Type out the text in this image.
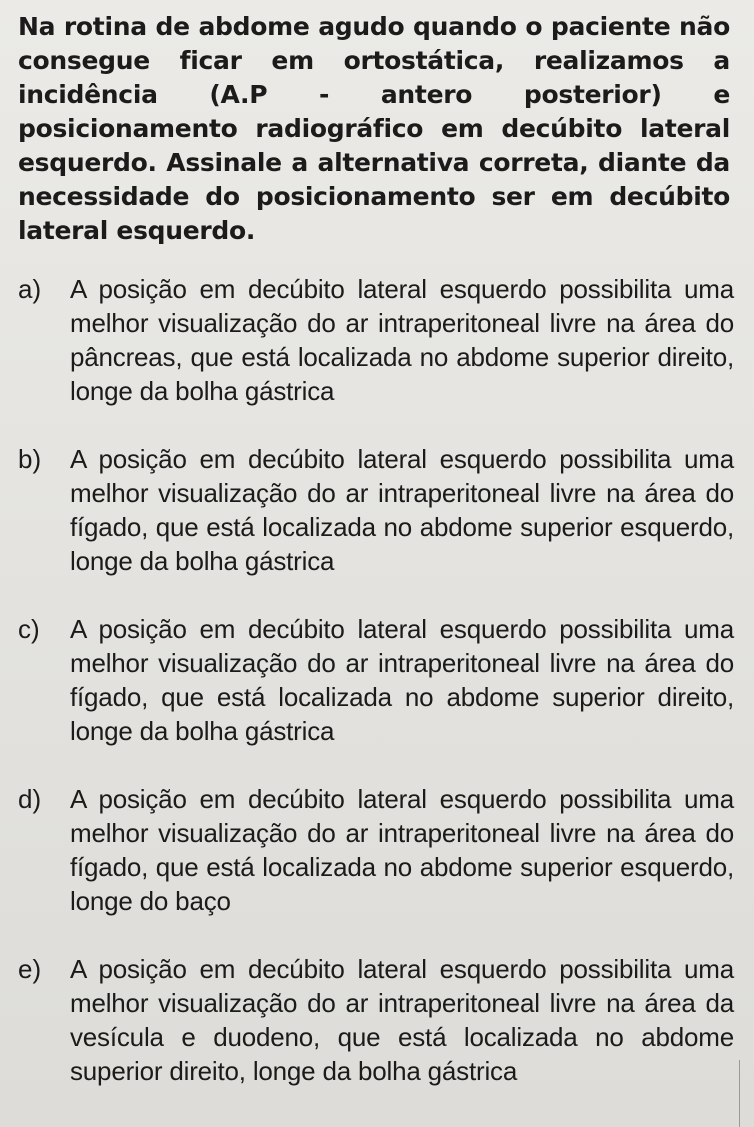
Na rotina de abdome agudo quando o paciente não consegue ficar em ortostática, realizamos a incidência (A.P - antero posterior) e posicionamento radiográfico em decúbito lateral esquerdo. Assinale a alternativa correta, diante da necessidade do posicionamento ser em decúbito lateral esquerdo.

a)	A posição em decúbito lateral esquerdo possibilita uma melhor visualização do ar intraperitoneal livre na área do pâncreas, que está localizada no abdome superior direito, longe da bolha gástrica
b)	A posição em decúbito lateral esquerdo possibilita uma melhor visualização do ar intraperitoneal livre na área do fígado, que está localizada no abdome superior esquerdo, longe da bolha gástrica
c)	A posição em decúbito lateral esquerdo possibilita uma melhor visualização do ar intraperitoneal livre na área do fígado, que está localizada no abdome superior direito, longe da bolha gástrica
d)	A posição em decúbito lateral esquerdo possibilita uma melhor visualização do ar intraperitoneal livre na área do fígado, que está localizada no abdome superior esquerdo, longe do baço
e)	A posição em decúbito lateral esquerdo possibilita uma melhor visualização do ar intraperitoneal livre na área da vesícula e duodeno, que está localizada no abdome superior direito, longe da bolha gástrica
